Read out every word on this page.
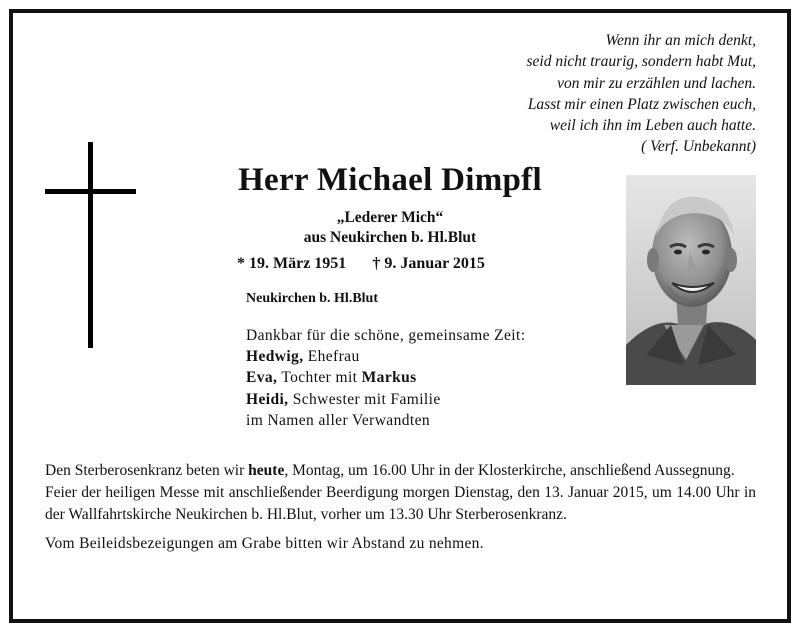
Wenn ihr an mich denkt,
seid nicht traurig, sondern habt Mut,
von mir zu erzählen und lachen.
Lasst mir einen Platz zwischen euch,
weil ich ihn im Leben auch hatte.
( Verf. Unbekannt)
Herr Michael Dimpfl
„Lederer Mich“
aus Neukirchen b. Hl.Blut
* 19. März 1951 † 9. Januar 2015
Neukirchen b. Hl.Blut
Dankbar für die schöne, gemeinsame Zeit:
Hedwig, Ehefrau
Eva, Tochter mit Markus
Heidi, Schwester mit Familie
im Namen aller Verwandten
Den Sterberosenkranz beten wir heute, Montag, um 16.00 Uhr in der Klosterkirche, anschließend Aussegnung.
Feier der heiligen Messe mit anschließender Beerdigung morgen Dienstag, den 13. Januar 2015, um 14.00 Uhr in der Wallfahrtskirche Neukirchen b. Hl.Blut, vorher um 13.30 Uhr Sterberosenkranz.
Vom Beileidsbezeigungen am Grabe bitten wir Abstand zu nehmen.
